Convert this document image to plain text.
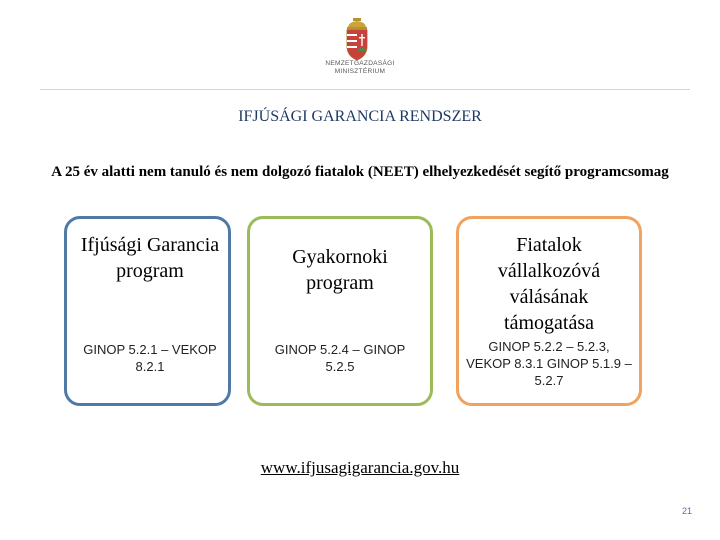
NEMZETGAZDASÁGI
MINISZTÉRIUM
IFJÚSÁGI GARANCIA RENDSZER
A 25 év alatti nem tanuló és nem dolgozó fiatalok (NEET) elhelyezkedését segítő programcsomag
Ifjúsági Garancia program
GINOP 5.2.1 – VEKOP 8.2.1
Gyakornoki program
GINOP 5.2.4 – GINOP 5.2.5
Fiatalok vállalkozóvá válásának támogatása
GINOP 5.2.2 – 5.2.3, VEKOP 8.3.1 GINOP 5.1.9 – 5.2.7
www.ifjusagigarancia.gov.hu
21
